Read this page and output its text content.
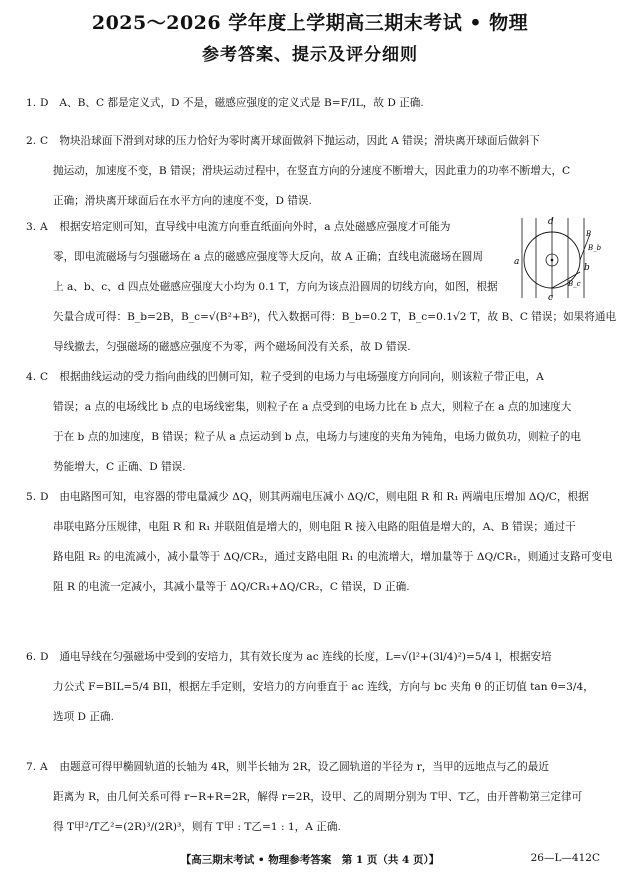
2025～2026 学年度上学期高三期末考试 • 物理
参考答案、提示及评分细则
1. D A、B、C 都是定义式，D 不是，磁感应强度的定义式是 B=F/IL，故 D 正确.
2. C 物块沿球面下滑到对球的压力恰好为零时离开球面做斜下抛运动，因此 A 错误；滑块离开球面后做斜下
抛运动，加速度不变，B 错误；滑块运动过程中，在竖直方向的分速度不断增大，因此重力的功率不断增大，C
正确；滑块离开球面后在水平方向的速度不变，D 错误.
3. A 根据安培定则可知，直导线中电流方向垂直纸面向外时，a 点处磁感应强度才可能为
零，即电流磁场与匀强磁场在 a 点的磁感应强度等大反向，故 A 正确；直线电流磁场在圆周
上 a、b、c、d 四点处磁感应强度大小均为 0.1 T，方向为该点沿圆周的切线方向，如图，根据
矢量合成可得：B_b=2B，B_c=√(B²+B²)，代入数据可得：B_b=0.2 T，B_c=0.1√2 T，故 B、C 错误；如果将通电
导线撤去，匀强磁场的磁感应强度不为零，两个磁场间没有关系，故 D 错误.
d
a
b
c
B
B_b
B_c
4. C 根据曲线运动的受力指向曲线的凹侧可知，粒子受到的电场力与电场强度方向同向，则该粒子带正电，A
错误；a 点的电场线比 b 点的电场线密集，则粒子在 a 点受到的电场力比在 b 点大，则粒子在 a 点的加速度大
于在 b 点的加速度，B 错误；粒子从 a 点运动到 b 点，电场力与速度的夹角为钝角，电场力做负功，则粒子的电
势能增大，C 正确、D 错误.
5. D 由电路图可知，电容器的带电量减少 ΔQ，则其两端电压减小 ΔQ/C，则电阻 R 和 R₁ 两端电压增加 ΔQ/C，根据
串联电路分压规律，电阻 R 和 R₁ 并联阻值是增大的，则电阻 R 接入电路的阻值是增大的，A、B 错误；通过干
路电阻 R₂ 的电流减小，减小量等于 ΔQ/CR₂，通过支路电阻 R₁ 的电流增大，增加量等于 ΔQ/CR₁，则通过支路可变电
阻 R 的电流一定减小，其减小量等于 ΔQ/CR₁+ΔQ/CR₂，C 错误，D 正确.
6. D 通电导线在匀强磁场中受到的安培力，其有效长度为 ac 连线的长度，L=√(l²+(3l/4)²)=5/4 l，根据安培
力公式 F=BIL=5/4 BIl，根据左手定则，安培力的方向垂直于 ac 连线，方向与 bc 夹角 θ 的正切值 tan θ=3/4，
选项 D 正确.
7. A 由题意可得甲椭圆轨道的长轴为 4R，则半长轴为 2R，设乙圆轨道的半径为 r，当甲的远地点与乙的最近
距离为 R，由几何关系可得 r−R+R=2R，解得 r=2R，设甲、乙的周期分别为 T甲、T乙，由开普勒第三定律可
得 T甲²/T乙²=(2R)³/(2R)³，则有 T甲 : T乙=1 : 1，A 正确.
【高三期末考试 • 物理参考答案　第 1 页（共 4 页）】	26—L—412C
